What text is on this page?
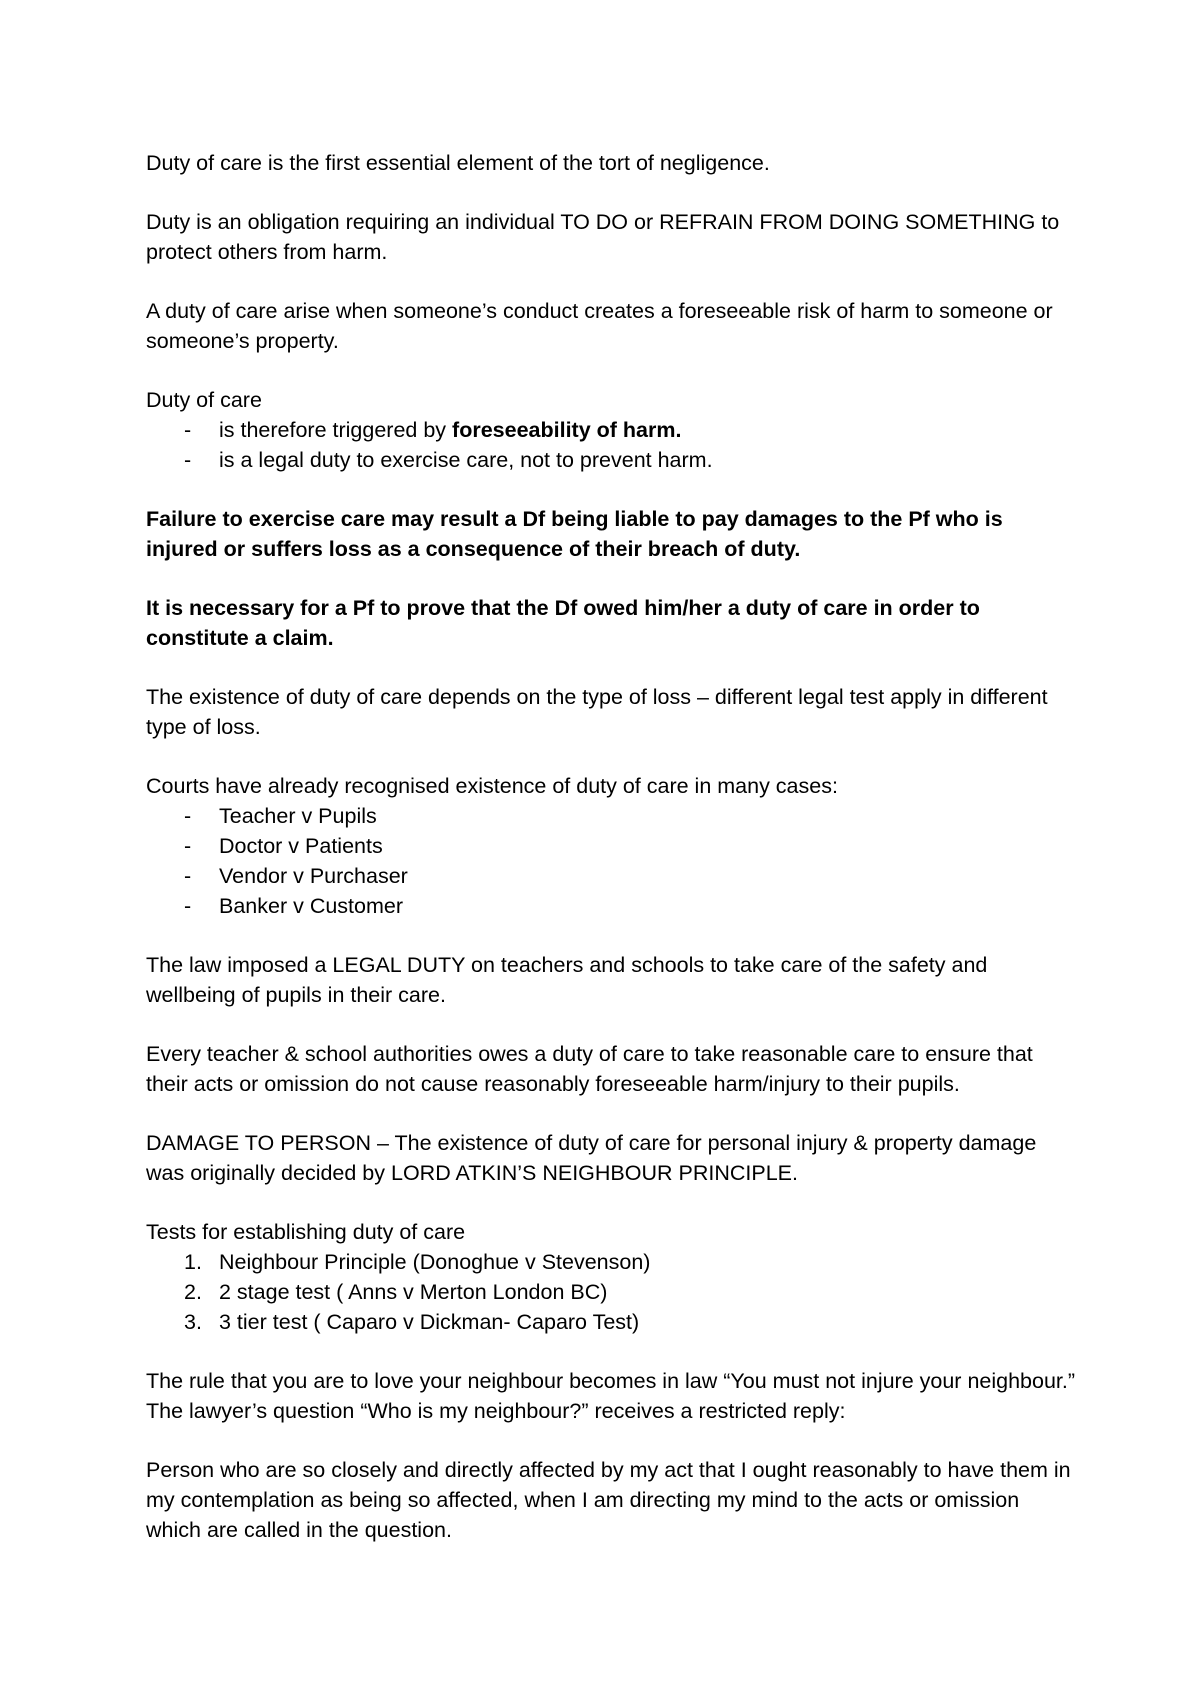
Duty of care is the first essential element of the tort of negligence.

Duty is an obligation requiring an individual TO DO or REFRAIN FROM DOING SOMETHING to protect others from harm.

A duty of care arise when someone’s conduct creates a foreseeable risk of harm to someone or someone’s property.

Duty of care
- is therefore triggered by foreseeability of harm.
- is a legal duty to exercise care, not to prevent harm.

Failure to exercise care may result a Df being liable to pay damages to the Pf who is injured or suffers loss as a consequence of their breach of duty.

It is necessary for a Pf to prove that the Df owed him/her a duty of care in order to constitute a claim.

The existence of duty of care depends on the type of loss – different legal test apply in different type of loss.

Courts have already recognised existence of duty of care in many cases:
- Teacher v Pupils
- Doctor v Patients
- Vendor v Purchaser
- Banker v Customer

The law imposed a LEGAL DUTY on teachers and schools to take care of the safety and wellbeing of pupils in their care.

Every teacher & school authorities owes a duty of care to take reasonable care to ensure that their acts or omission do not cause reasonably foreseeable harm/injury to their pupils.

DAMAGE TO PERSON – The existence of duty of care for personal injury & property damage was originally decided by LORD ATKIN’S NEIGHBOUR PRINCIPLE.

Tests for establishing duty of care
1. Neighbour Principle (Donoghue v Stevenson)
2. 2 stage test ( Anns v Merton London BC)
3. 3 tier test ( Caparo v Dickman- Caparo Test)

The rule that you are to love your neighbour becomes in law “You must not injure your neighbour.” The lawyer’s question “Who is my neighbour?” receives a restricted reply:

Person who are so closely and directly affected by my act that I ought reasonably to have them in my contemplation as being so affected, when I am directing my mind to the acts or omission which are called in the question.
